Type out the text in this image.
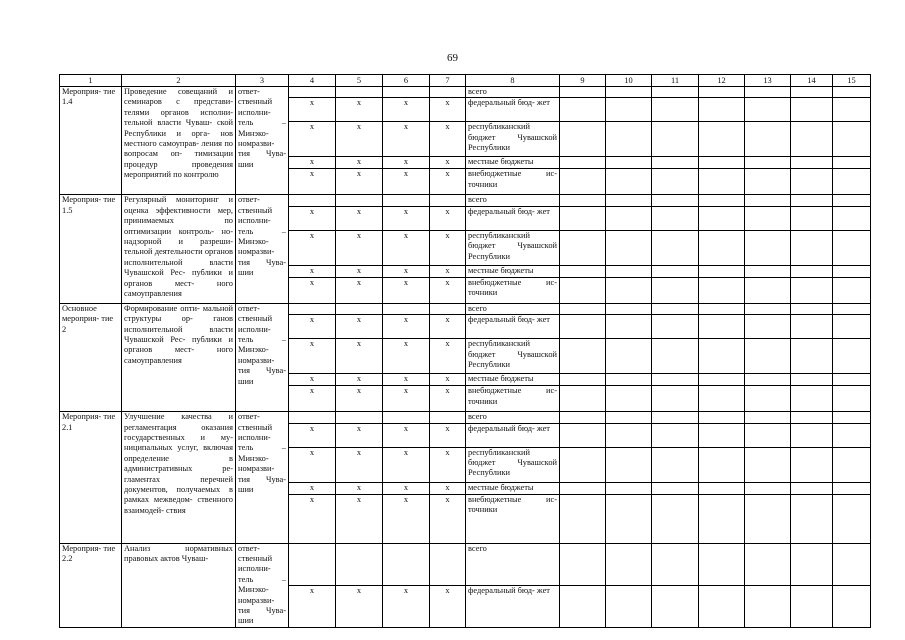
69
1	2	3	4	5	6	7	8	9	10	11	12	13	14	15
Мероприя- тие 1.4	Проведение совещаний и семинаров с представи- телями органов исполни- тельной власти Чуваш- ской Республики и орга- нов местного самоуправ- ления по вопросам оп- тимизации процедур проведения мероприятий по контролю	ответ- ственный исполни- тель – Минэко- номразви- тия Чува- шии					всего							
			x	x	x	x	федеральный бюд- жет							
			x	x	x	x	республиканский бюджет Чувашской Республики							
			x	x	x	x	местные бюджеты							
			x	x	x	x	внебюджетные ис- точники							
Мероприя- тие 1.5	Регулярный мониторинг и оценка эффективности мер, принимаемых по оптимизации контроль- но-надзорной и разреши- тельной деятельности органов исполнительной власти Чувашской Рес- публики и органов мест- ного самоуправления	ответ- ственный исполни- тель – Минэко- номразви- тия Чува- шии					всего							
			x	x	x	x	федеральный бюд- жет							
			x	x	x	x	республиканский бюджет Чувашской Республики							
			x	x	x	x	местные бюджеты							
			x	x	x	x	внебюджетные ис- точники							
Основное мероприя- тие 2	Формирование опти- мальной структуры ор- ганов исполнительной власти Чувашской Рес- публики и органов мест- ного самоуправления	ответ- ственный исполни- тель – Минэко- номразви- тия Чува- шии					всего							
			x	x	x	x	федеральный бюд- жет							
			x	x	x	x	республиканский бюджет Чувашской Республики							
			x	x	x	x	местные бюджеты							
			x	x	x	x	внебюджетные ис- точники							
Мероприя- тие 2.1	Улучшение качества и регламентация оказания государственных и му- ниципальных услуг, включая определение в административных ре- гламентах перечней документов, получаемых в рамках межведом- ственного взаимодей- ствия	ответ- ственный исполни- тель – Минэко- номразви- тия Чува- шии					всего							
			x	x	x	x	федеральный бюд- жет							
			x	x	x	x	республиканский бюджет Чувашской Республики							
			x	x	x	x	местные бюджеты							
			x	x	x	x	внебюджетные ис- точники							
Мероприя- тие 2.2	Анализ нормативных правовых актов Чуваш-	ответ- ственный исполни- тель – Минэко- номразви- тия Чува- шии					всего							
			x	x	x	x	федеральный бюд- жет							
